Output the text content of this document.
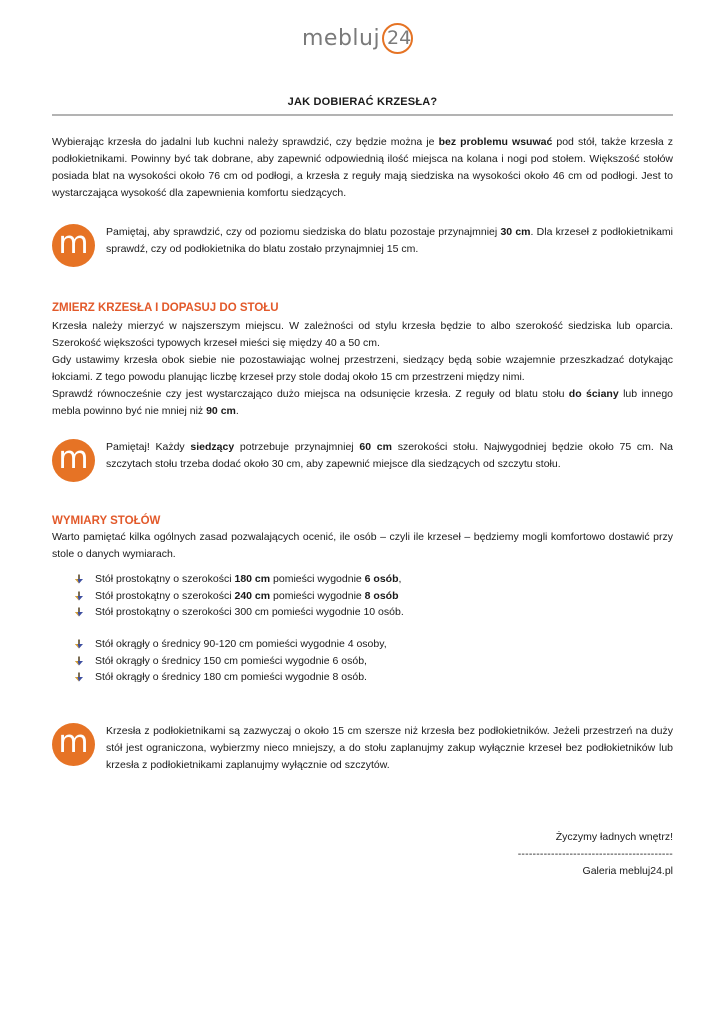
mebluj 24
JAK DOBIERAĆ KRZESŁA?
Wybierając krzesła do jadalni lub kuchni należy sprawdzić, czy będzie można je bez problemu wsuwać pod stół, także krzesła z podłokietnikami. Powinny być tak dobrane, aby zapewnić odpowiednią ilość miejsca na kolana i nogi pod stołem. Większość stołów posiada blat na wysokości około 76 cm od podłogi, a krzesła z reguły mają siedziska na wysokości około 46 cm od podłogi. Jest to wystarczająca wysokość dla zapewnienia komfortu siedzących.
m Pamiętaj, aby sprawdzić, czy od poziomu siedziska do blatu pozostaje przynajmniej 30 cm. Dla krzeseł z podłokietnikami sprawdź, czy od podłokietnika do blatu zostało przynajmniej 15 cm.

ZMIERZ KRZESŁA I DOPASUJ DO STOŁU

Krzesła należy mierzyć w najszerszym miejscu. W zależności od stylu krzesła będzie to albo szerokość siedziska lub oparcia. Szerokość większości typowych krzeseł mieści się między 40 a 50 cm.

Gdy ustawimy krzesła obok siebie nie pozostawiając wolnej przestrzeni, siedzący będą sobie wzajemnie przeszkadzać dotykając łokciami. Z tego powodu planując liczbę krzeseł przy stole dodaj około 15 cm przestrzeni między nimi.

Sprawdź równocześnie czy jest wystarczająco dużo miejsca na odsunięcie krzesła. Z reguły od blatu stołu do ściany lub innego mebla powinno być nie mniej niż 90 cm.

m Pamiętaj! Każdy siedzący potrzebuje przynajmniej 60 cm szerokości stołu. Najwygodniej będzie około 75 cm. Na szczytach stołu trzeba dodać około 30 cm, aby zapewnić miejsce dla siedzących od szczytu stołu.

WYMIARY STOŁÓW
Warto pamiętać kilka ogólnych zasad pozwalających ocenić, ile osób – czyli ile krzeseł – będziemy mogli komfortowo dostawić przy stole o danych wymiarach.
Stół prostokątny o szerokości 180 cm pomieści wygodnie 6 osób,
Stół prostokątny o szerokości 240 cm pomieści wygodnie 8 osób
Stół prostokątny o szerokości 300 cm pomieści wygodnie 10 osób.
Stół okrągły o średnicy 90-120 cm pomieści wygodnie 4 osoby,
Stół okrągły o średnicy 150 cm pomieści wygodnie 6 osób,
Stół okrągły o średnicy 180 cm pomieści wygodnie 8 osób.
m Krzesła z podłokietnikami są zazwyczaj o około 15 cm szersze niż krzesła bez podłokietników. Jeżeli przestrzeń na duży stół jest ograniczona, wybierzmy nieco mniejszy, a do stołu zaplanujmy zakup wyłącznie krzeseł bez podłokietników lub krzesła z podłokietnikami zaplanujmy wyłącznie od szczytów.

Życzymy ładnych wnętrz!
------------------------------------------
Galeria mebluj24.pl
